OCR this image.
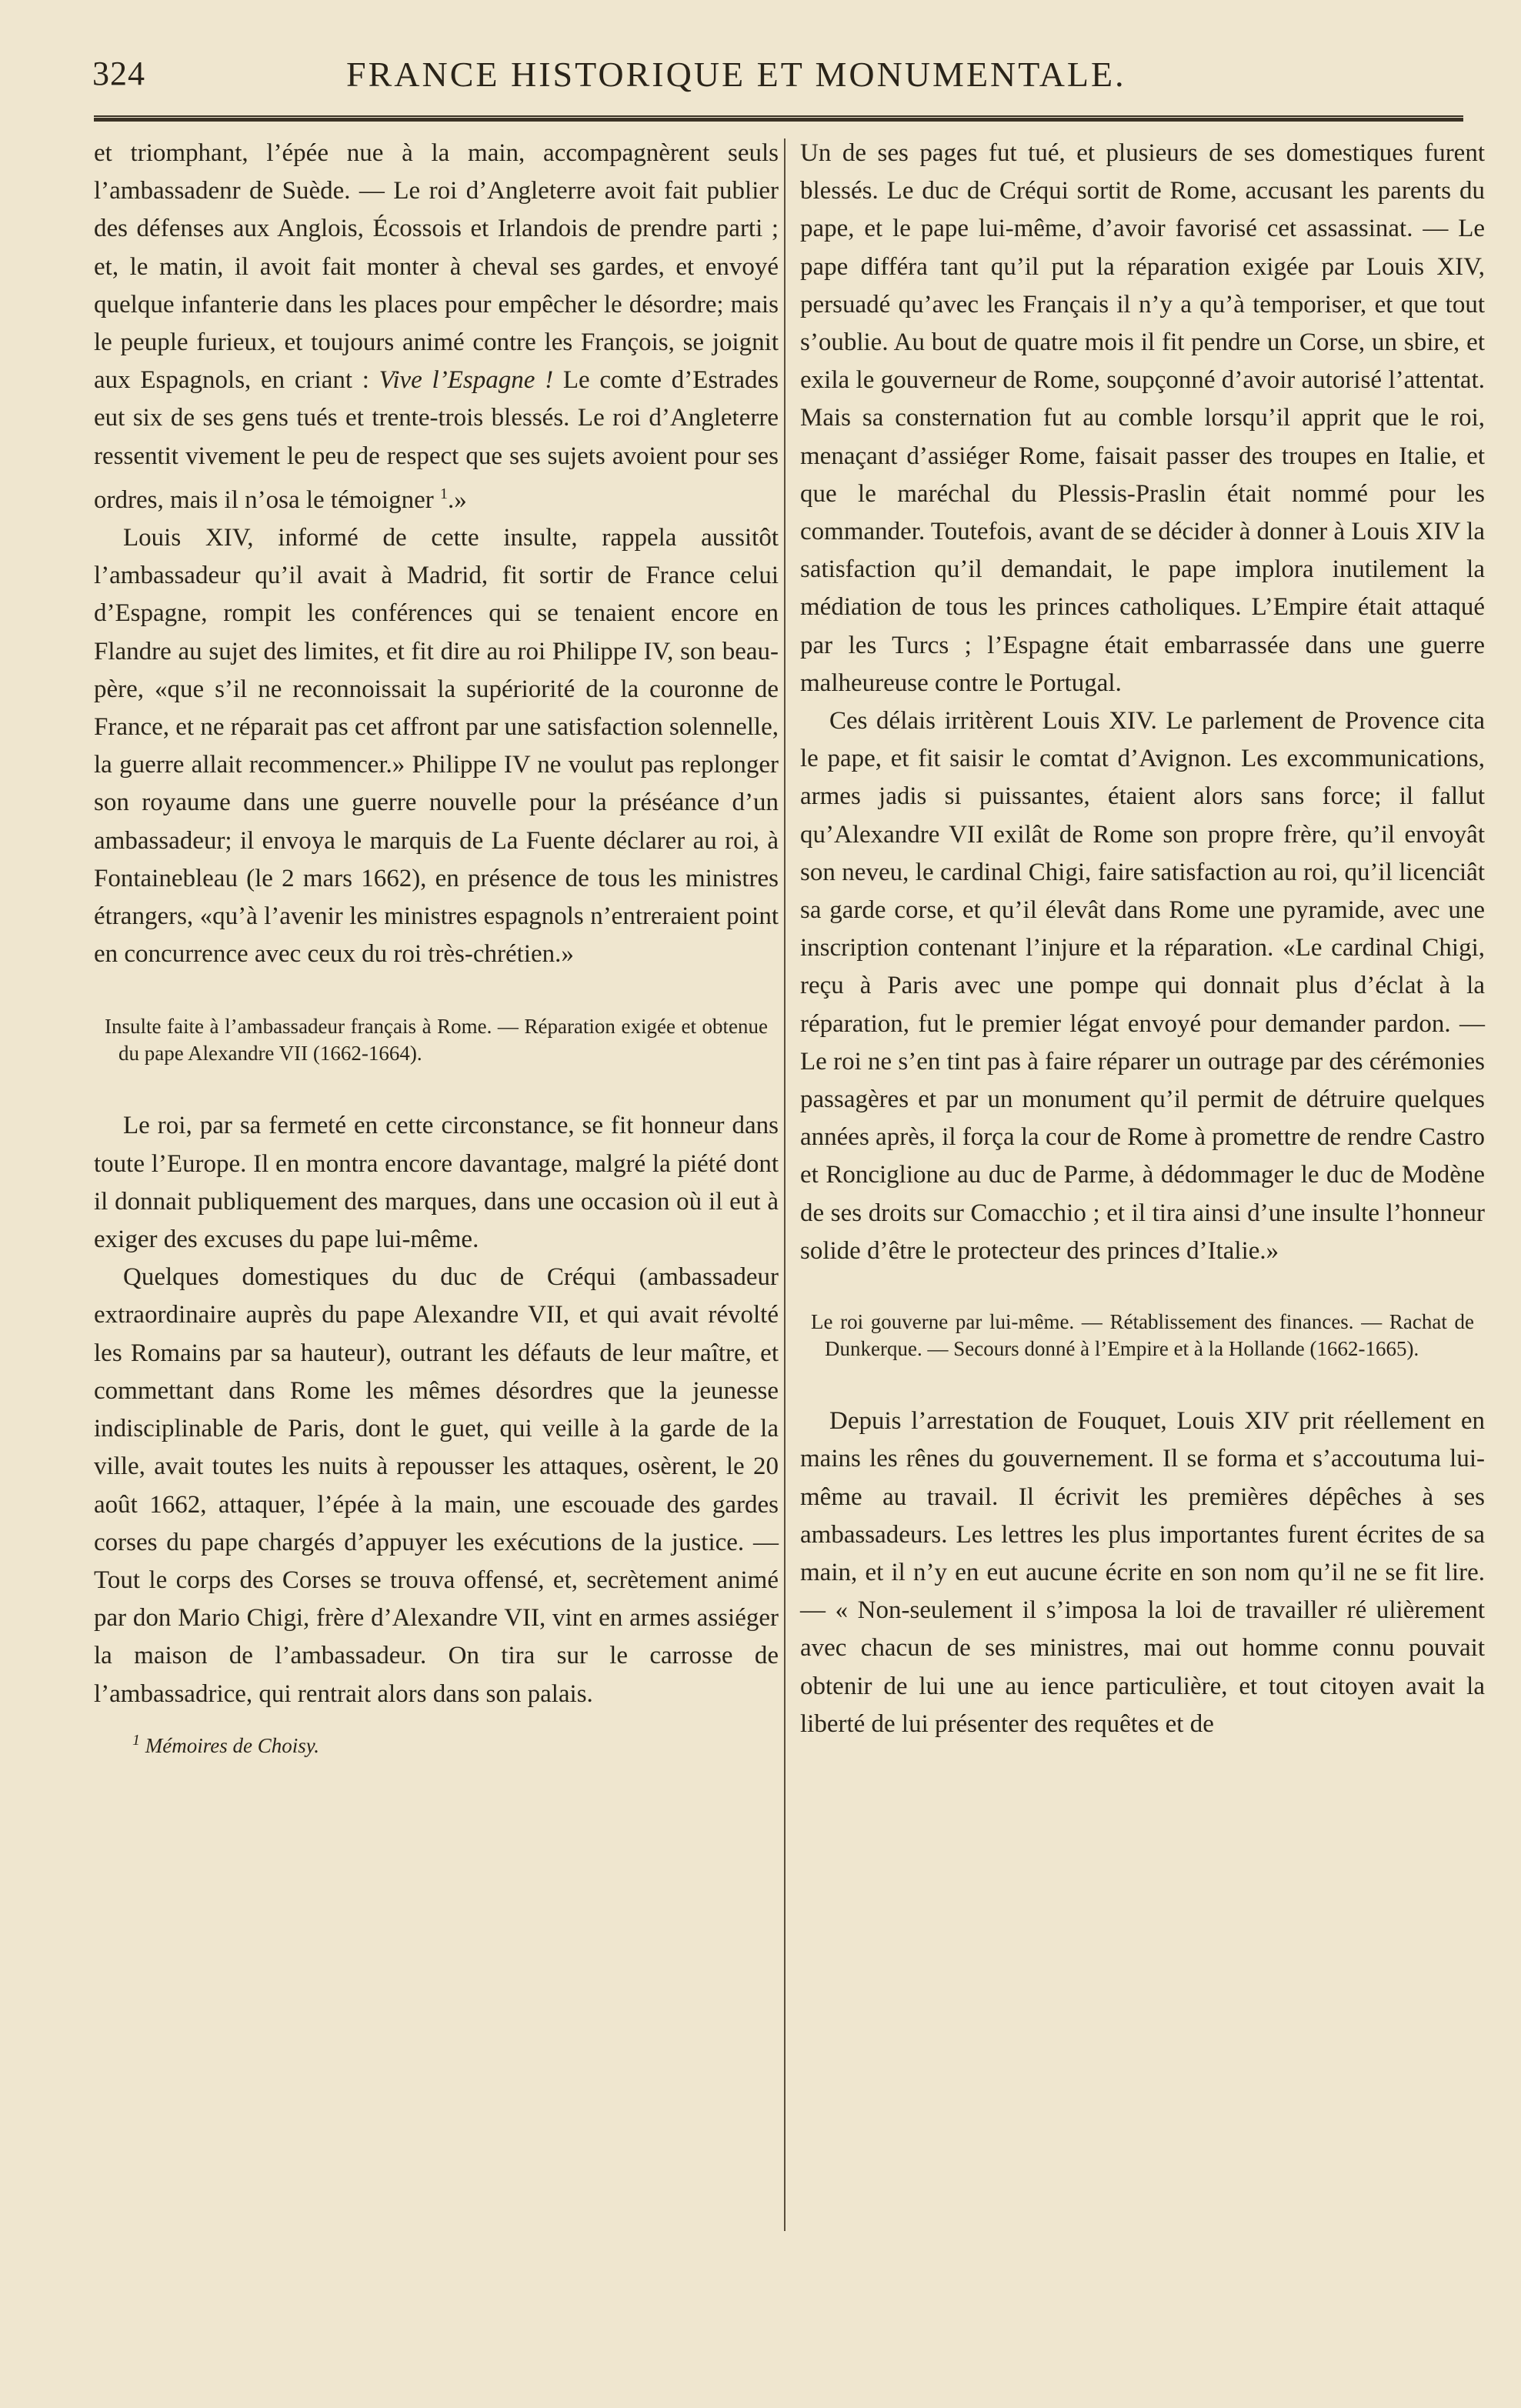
324	FRANCE HISTORIQUE ET MONUMENTALE.

et triomphant, l’épée nue à la main, accompagnèrent seuls l’ambassadenr de Suède. — Le roi d’Angleterre avoit fait publier des défenses aux Anglois, Écossois et Irlandois de prendre parti ; et, le matin, il avoit fait monter à cheval ses gardes, et envoyé quelque infanterie dans les places pour empêcher le désordre; mais le peuple furieux, et toujours animé contre les François, se joignit aux Espagnols, en criant : Vive l’Espagne ! Le comte d’Estrades eut six de ses gens tués et trente-trois blessés. Le roi d’Angleterre ressentit vivement le peu de respect que ses sujets avoient pour ses ordres, mais il n’osa le témoigner $^1$.»

Louis XIV, informé de cette insulte, rappela aussitôt l’ambassadeur qu’il avait à Madrid, fit sortir de France celui d’Espagne, rompit les conférences qui se tenaient encore en Flandre au sujet des limites, et fit dire au roi Philippe IV, son beau-père, «que s’il ne reconnoissait la supériorité de la couronne de France, et ne réparait pas cet affront par une satisfaction solennelle, la guerre allait recommencer.» Philippe IV ne voulut pas replonger son royaume dans une guerre nouvelle pour la préséance d’un ambassadeur; il envoya le marquis de La Fuente déclarer au roi, à Fontainebleau (le 2 mars 1662), en présence de tous les ministres étrangers, «qu’à l’avenir les ministres espagnols n’entreraient point en concurrence avec ceux du roi très-chrétien.»

Insulte faite à l’ambassadeur français à Rome. — Réparation exigée et obtenue du pape Alexandre VII (1662-1664).

Le roi, par sa fermeté en cette circonstance, se fit honneur dans toute l’Europe. Il en montra encore davantage, malgré la piété dont il donnait publiquement des marques, dans une occasion où il eut à exiger des excuses du pape lui-même.

Quelques domestiques du duc de Créqui (ambassadeur extraordinaire auprès du pape Alexandre VII, et qui avait révolté les Romains par sa hauteur), outrant les défauts de leur maître, et commettant dans Rome les mêmes désordres que la jeunesse indisciplinable de Paris, dont le guet, qui veille à la garde de la ville, avait toutes les nuits à repousser les attaques, osèrent, le 20 août 1662, attaquer, l’épée à la main, une escouade des gardes corses du pape chargés d’appuyer les exécutions de la justice. — Tout le corps des Corses se trouva offensé, et, secrètement animé par don Mario Chigi, frère d’Alexandre VII, vint en armes assiéger la maison de l’ambassadeur. On tira sur le carrosse de l’ambassadrice, qui rentrait alors dans son palais.

$^1$ Mémoires de Choisy.

Un de ses pages fut tué, et plusieurs de ses domestiques furent blessés. Le duc de Créqui sortit de Rome, accusant les parents du pape, et le pape lui-même, d’avoir favorisé cet assassinat. — Le pape différa tant qu’il put la réparation exigée par Louis XIV, persuadé qu’avec les Français il n’y a qu’à temporiser, et que tout s’oublie. Au bout de quatre mois il fit pendre un Corse, un sbire, et exila le gouverneur de Rome, soupçonné d’avoir autorisé l’attentat. Mais sa consternation fut au comble lorsqu’il apprit que le roi, menaçant d’assiéger Rome, faisait passer des troupes en Italie, et que le maréchal du Plessis-Praslin était nommé pour les commander. Toutefois, avant de se décider à donner à Louis XIV la satisfaction qu’il demandait, le pape implora inutilement la médiation de tous les princes catholiques. L’Empire était attaqué par les Turcs ; l’Espagne était embarrassée dans une guerre malheureuse contre le Portugal.

Ces délais irritèrent Louis XIV. Le parlement de Provence cita le pape, et fit saisir le comtat d’Avignon. Les excommunications, armes jadis si puissantes, étaient alors sans force; il fallut qu’Alexandre VII exilât de Rome son propre frère, qu’il envoyât son neveu, le cardinal Chigi, faire satisfaction au roi, qu’il licenciât sa garde corse, et qu’il élevât dans Rome une pyramide, avec une inscription contenant l’injure et la réparation. «Le cardinal Chigi, reçu à Paris avec une pompe qui donnait plus d’éclat à la réparation, fut le premier légat envoyé pour demander pardon. — Le roi ne s’en tint pas à faire réparer un outrage par des cérémonies passagères et par un monument qu’il permit de détruire quelques années après, il força la cour de Rome à promettre de rendre Castro et Ronciglione au duc de Parme, à dédommager le duc de Modène de ses droits sur Comacchio ; et il tira ainsi d’une insulte l’honneur solide d’être le protecteur des princes d’Italie.»

Le roi gouverne par lui-même. — Rétablissement des finances. — Rachat de Dunkerque. — Secours donné à l’Empire et à la Hollande (1662-1665).

Depuis l’arrestation de Fouquet, Louis XIV prit réellement en mains les rênes du gouvernement. Il se forma et s’accoutuma lui-même au travail. Il écrivit les premières dépêches à ses ambassadeurs. Les lettres les plus importantes furent écrites de sa main, et il n’y en eut aucune écrite en son nom qu’il ne se fit lire. — « Non-seulement il s’imposa la loi de travailler ré ulièrement avec chacun de ses ministres, mai out homme connu pouvait obtenir de lui une au ience particulière, et tout citoyen avait la liberté de lui présenter des requêtes et de
